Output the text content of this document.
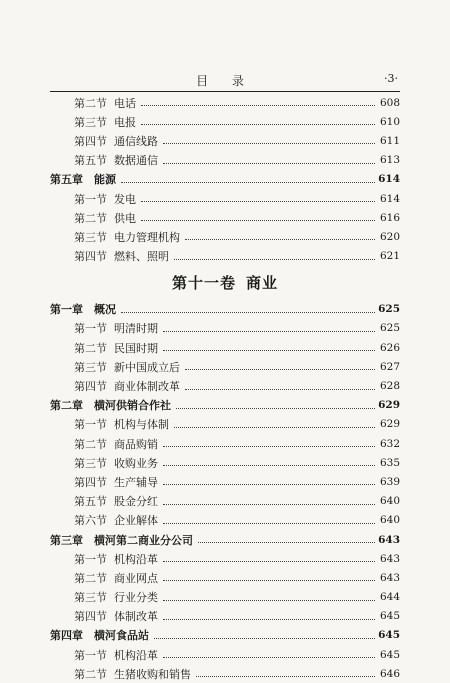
目 录	·3·
第二节 电话	608
第三节 电报	610
第四节 通信线路	611
第五节 数据通信	613
第五章	能源	614
第一节 发电	614
第二节 供电	616
第三节 电力管理机构	620
第四节 燃料、照明	621
第十一卷 商业
第一章	概况	625
第一节 明清时期	625
第二节 民国时期	626
第三节 新中国成立后	627
第四节 商业体制改革	628
第二章	横河供销合作社	629
第一节 机构与体制	629
第二节 商品购销	632
第三节 收购业务	635
第四节 生产辅导	639
第五节 股金分红	640
第六节 企业解体	640
第三章	横河第二商业分公司	643
第一节 机构沿革	643
第二节 商业网点	643
第三节 行业分类	644
第四节 体制改革	645
第四章	横河食品站	645
第一节 机构沿革	645
第二节 生猪收购和销售	646
